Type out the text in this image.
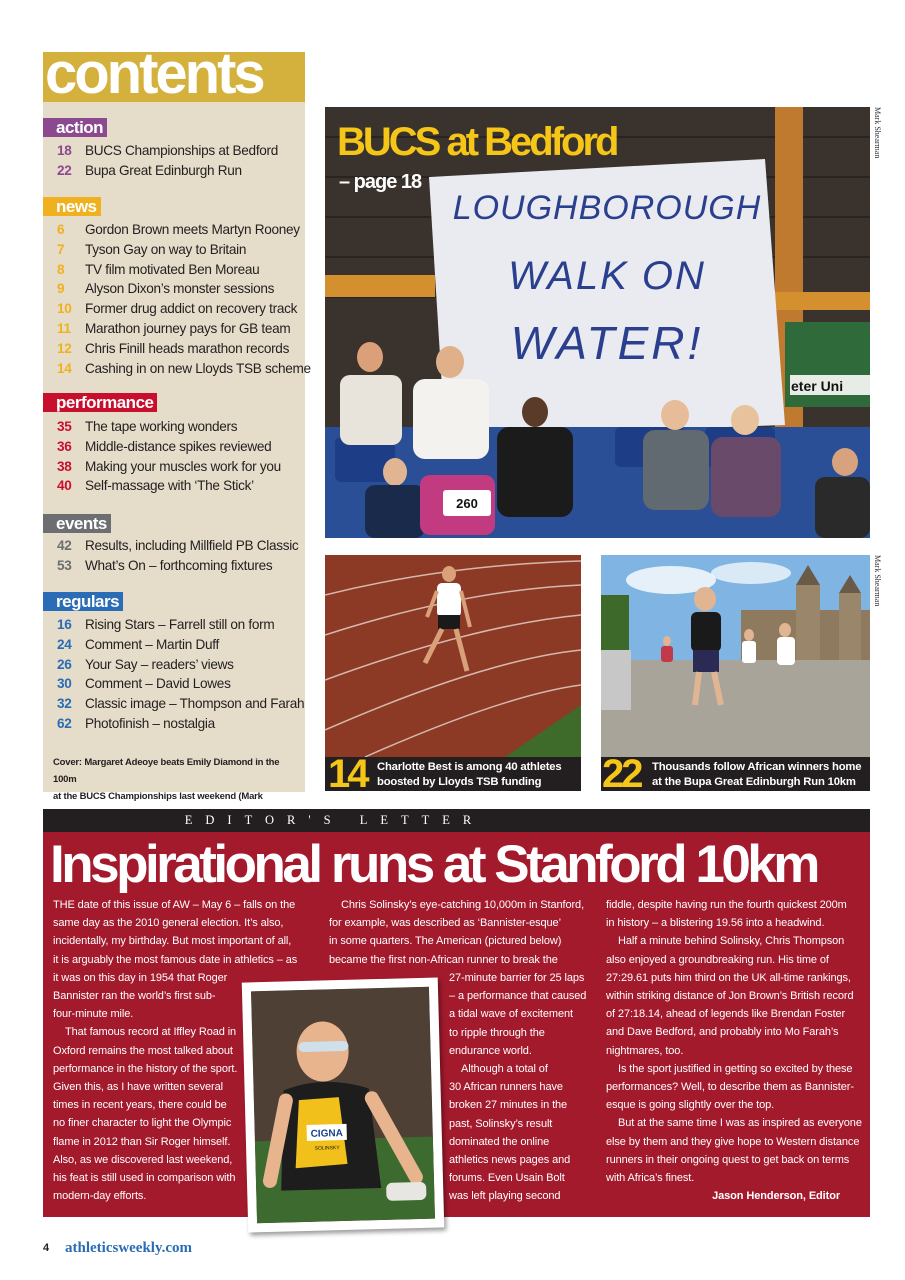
contents
action
18 BUCS Championships at Bedford
22 Bupa Great Edinburgh Run
news
6 Gordon Brown meets Martyn Rooney
7 Tyson Gay on way to Britain
8 TV film motivated Ben Moreau
9 Alyson Dixon’s monster sessions
10 Former drug addict on recovery track
11 Marathon journey pays for GB team
12 Chris Finill heads marathon records
14 Cashing in on new Lloyds TSB scheme
performance
35 The tape working wonders
36 Middle-distance spikes reviewed
38 Making your muscles work for you
40 Self-massage with ‘The Stick’
events
42 Results, including Millfield PB Classic
53 What’s On – forthcoming fixtures
regulars
16 Rising Stars – Farrell still on form
24 Comment – Martin Duff
26 Your Say – readers’ views
30 Comment – David Lowes
32 Classic image – Thompson and Farah
62 Photofinish – nostalgia
Cover: Margaret Adeoye beats Emily Diamond in the 100m
at the BUCS Championships last weekend (Mark
eter Uni
LOUGHBOROUGH
WALK ON
WATER!
260
BUCS at Bedford
– page 18
Mark Shearman
Mark Shearman
14 Charlotte Best is among 40 athletes
boosted by Lloyds TSB funding	22 Thousands follow African winners home
at the Bupa Great Edinburgh Run 10km
EDITOR'S LETTER
Inspirational runs at Stanford 10km

THE date of this issue of AW – May 6 – falls on the

same day as the 2010 general election. It’s also,

incidentally, my birthday. But most important of all,

it is arguably the most famous date in athletics – as

it was on this day in 1954 that Roger

Bannister ran the world’s first sub-

four-minute mile.

That famous record at Iffley Road in

Oxford remains the most talked about

performance in the history of the sport.

Given this, as I have written several

times in recent years, there could be

no finer character to light the Olympic

flame in 2012 than Sir Roger himself.

Also, as we discovered last weekend,

his feat is still used in comparison with

modern-day efforts.

Chris Solinsky’s eye-catching 10,000m in Stanford,

for example, was described as ‘Bannister-esque’

in some quarters. The American (pictured below)

became the first non-African runner to break the

27-minute barrier for 25 laps

– a performance that caused

a tidal wave of excitement

to ripple through the

endurance world.

Although a total of

30 African runners have

broken 27 minutes in the

past, Solinsky’s result

dominated the online

athletics news pages and

forums. Even Usain Bolt

was left playing second

fiddle, despite having run the fourth quickest 200m

in history – a blistering 19.56 into a headwind.

Half a minute behind Solinsky, Chris Thompson

also enjoyed a groundbreaking run. His time of

27:29.61 puts him third on the UK all-time rankings,

within striking distance of Jon Brown’s British record

of 27:18.14, ahead of legends like Brendan Foster

and Dave Bedford, and probably into Mo Farah’s

nightmares, too.

Is the sport justified in getting so excited by these

performances? Well, to describe them as Bannister-

esque is going slightly over the top.

But at the same time I was as inspired as everyone

else by them and they give hope to Western distance

runners in their ongoing quest to get back on terms

with Africa’s finest.

Jason Henderson, Editor
CIGNA
SOLINSKY
4 athleticsweekly.com
